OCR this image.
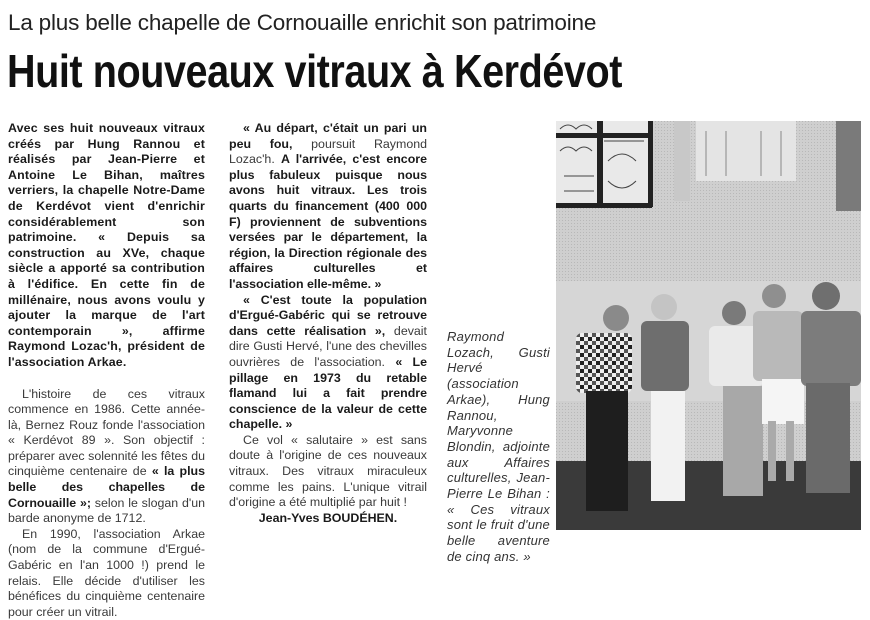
La plus belle chapelle de Cornouaille enrichit son patrimoine
Huit nouveaux vitraux à Kerdévot

Avec ses huit nouveaux vitraux créés par Hung Rannou et réalisés par Jean-Pierre et Antoine Le Bihan, maîtres verriers, la chapelle Notre-Dame de Kerdévot vient d'enrichir considérablement son patrimoine. « Depuis sa construction au XVe, chaque siècle a apporté sa contribution à l'édifice. En cette fin de millénaire, nous avons voulu y ajouter la marque de l'art contemporain », affirme Raymond Lozac'h, président de l'association Arkae.

L'histoire de ces vitraux commence en 1986. Cette année-là, Bernez Rouz fonde l'association « Kerdévot 89 ». Son objectif : préparer avec solennité les fêtes du cinquième centenaire de « la plus belle des chapelles de Cornouaille »; selon le slogan d'un barde anonyme de 1712.

En 1990, l'association Arkae (nom de la commune d'Ergué-Gabéric en l'an 1000 !) prend le relais. Elle décide d'utiliser les bénéfices du cinquième centenaire pour créer un vitrail.

« Au départ, c'était un pari un peu fou, poursuit Raymond Lozac'h. A l'arrivée, c'est encore plus fabuleux puisque nous avons huit vitraux. Les trois quarts du financement (400 000 F) proviennent de subventions versées par le département, la région, la Direction régionale des affaires culturelles et l'association elle-même. »

« C'est toute la population d'Ergué-Gabéric qui se retrouve dans cette réalisation », devait dire Gusti Hervé, l'une des chevilles ouvrières de l'association. « Le pillage en 1973 du retable flamand lui a fait prendre conscience de la valeur de cette chapelle. »

Ce vol « salutaire » est sans doute à l'origine de ces nouveaux vitraux. Des vitraux miraculeux comme les pains. L'unique vitrail d'origine a été multiplié par huit !

Jean-Yves BOUDÉHEN.

Raymond Lozach, Gusti Hervé (association Arkae), Hung Rannou, Maryvonne Blondin, adjointe aux Affaires culturelles, Jean-Pierre Le Bihan : « Ces vitraux sont le fruit d'une belle aventure de cinq ans. »
